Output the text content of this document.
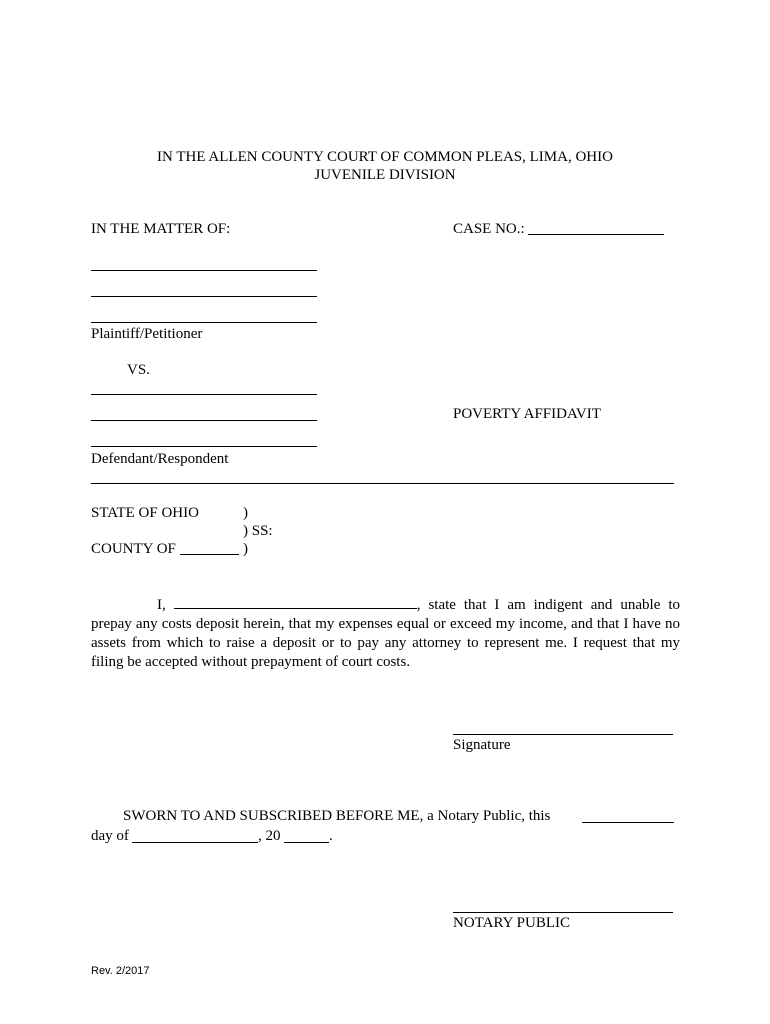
IN THE ALLEN COUNTY COURT OF COMMON PLEAS, LIMA, OHIO
JUVENILE DIVISION
IN THE MATTER OF:	CASE NO.:
Plaintiff/Petitioner
VS.
POVERTY AFFIDAVIT
Defendant/Respondent
STATE OF OHIO	)
) SS:
COUNTY OF	)
I,	, state that I am indigent and unable to prepay any costs deposit herein, that my expenses equal or exceed my income, and that I have no assets from which to raise a deposit or to pay any attorney to represent me. I request that my filing be accepted without prepayment of court costs.
Signature
SWORN TO AND SUBSCRIBED BEFORE ME, a Notary Public, this
day of	, 20	.
NOTARY PUBLIC
Rev. 2/2017
